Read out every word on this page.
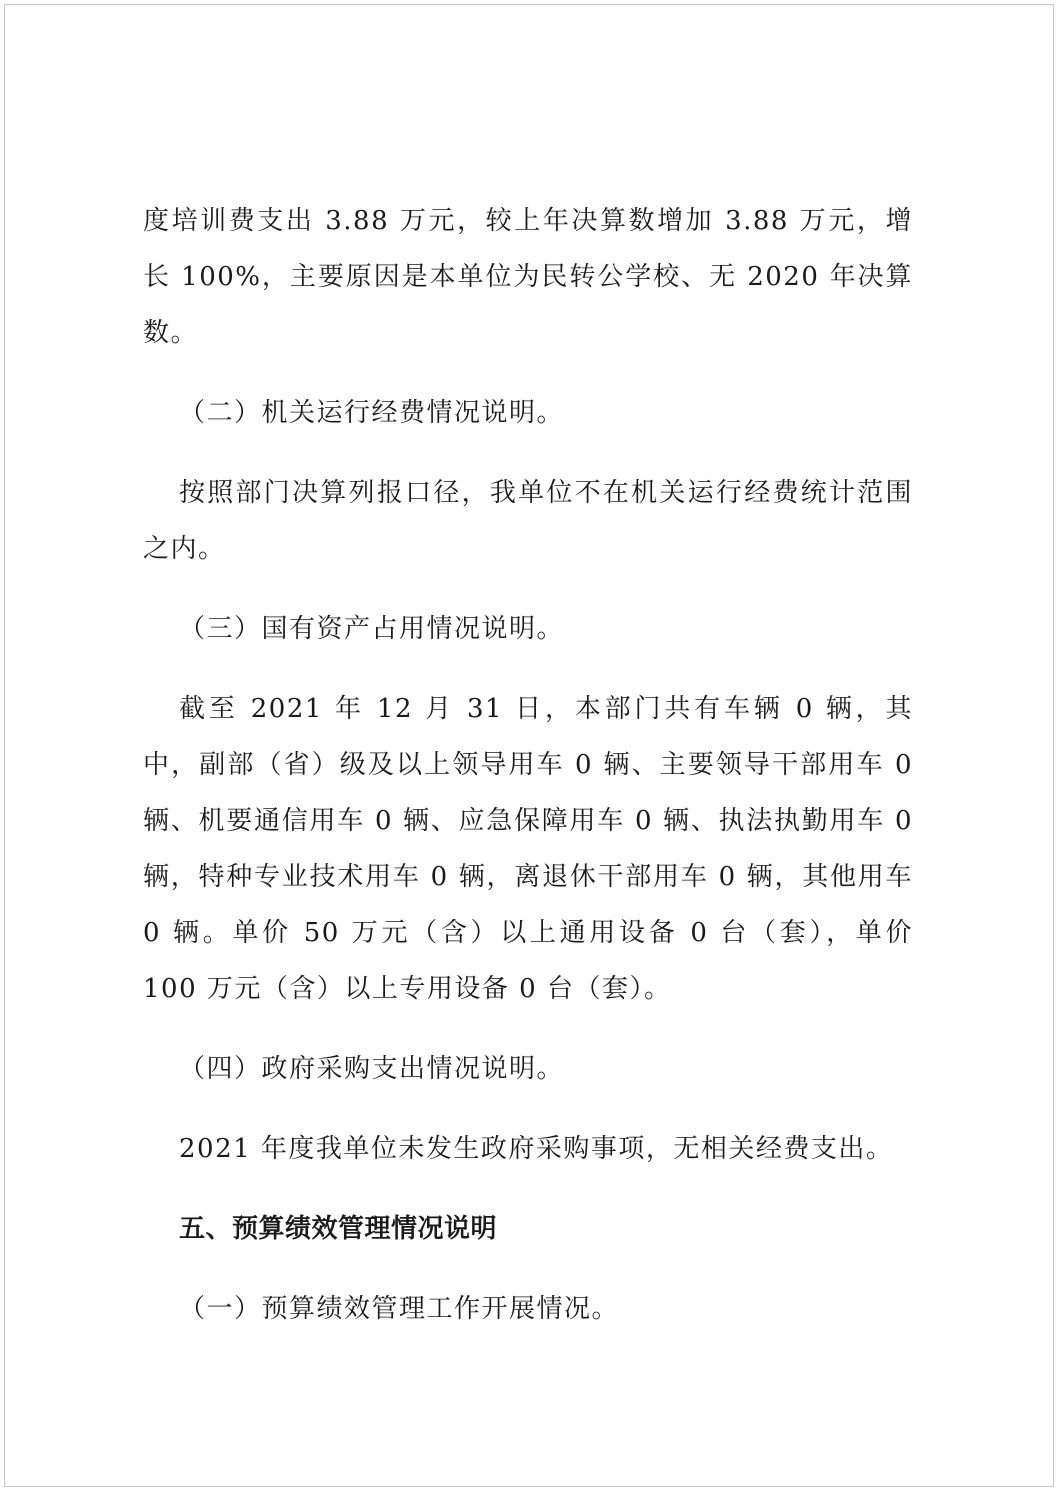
度培训费支出 3.88 万元，较上年决算数增加 3.88 万元，增长 100%，主要原因是本单位为民转公学校、无 2020 年决算数。

（二）机关运行经费情况说明。

按照部门决算列报口径，我单位不在机关运行经费统计范围之内。

（三）国有资产占用情况说明。

截至 2021 年 12 月 31 日，本部门共有车辆 0 辆，其中，副部（省）级及以上领导用车 0 辆、主要领导干部用车 0 辆、机要通信用车 0 辆、应急保障用车 0 辆、执法执勤用车 0 辆，特种专业技术用车 0 辆，离退休干部用车 0 辆，其他用车 0 辆。单价 50 万元（含）以上通用设备 0 台（套），单价 100 万元（含）以上专用设备 0 台（套）。

（四）政府采购支出情况说明。

2021 年度我单位未发生政府采购事项，无相关经费支出。

五、预算绩效管理情况说明

（一）预算绩效管理工作开展情况。
